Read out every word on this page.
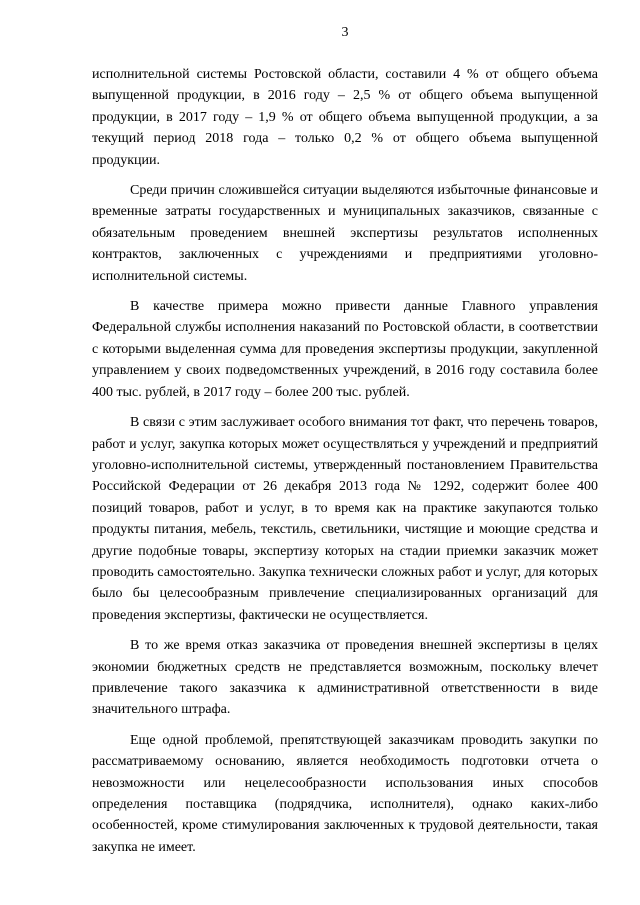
3

исполнительной системы Ростовской области, составили 4 % от общего объема выпущенной продукции, в 2016 году – 2,5 % от общего объема выпущенной продукции, в 2017 году – 1,9 % от общего объема выпущенной продукции, а за текущий период 2018 года – только 0,2 % от общего объема выпущенной продукции.

Среди причин сложившейся ситуации выделяются избыточные финансовые и временные затраты государственных и муниципальных заказчиков, связанные с обязательным проведением внешней экспертизы результатов исполненных контрактов, заключенных с учреждениями и предприятиями уголовно-исполнительной системы.

В качестве примера можно привести данные Главного управления Федеральной службы исполнения наказаний по Ростовской области, в соответствии с которыми выделенная сумма для проведения экспертизы продукции, закупленной управлением у своих подведомственных учреждений, в 2016 году составила более 400 тыс. рублей, в 2017 году – более 200 тыс. рублей.

В связи с этим заслуживает особого внимания тот факт, что перечень товаров, работ и услуг, закупка которых может осуществляться у учреждений и предприятий уголовно-исполнительной системы, утвержденный постановлением Правительства Российской Федерации от 26 декабря 2013 года № 1292, содержит более 400 позиций товаров, работ и услуг, в то время как на практике закупаются только продукты питания, мебель, текстиль, светильники, чистящие и моющие средства и другие подобные товары, экспертизу которых на стадии приемки заказчик может проводить самостоятельно. Закупка технически сложных работ и услуг, для которых было бы целесообразным привлечение специализированных организаций для проведения экспертизы, фактически не осуществляется.

В то же время отказ заказчика от проведения внешней экспертизы в целях экономии бюджетных средств не представляется возможным, поскольку влечет привлечение такого заказчика к административной ответственности в виде значительного штрафа.

Еще одной проблемой, препятствующей заказчикам проводить закупки по рассматриваемому основанию, является необходимость подготовки отчета о невозможности или нецелесообразности использования иных способов определения поставщика (подрядчика, исполнителя), однако каких-либо особенностей, кроме стимулирования заключенных к трудовой деятельности, такая закупка не имеет.
